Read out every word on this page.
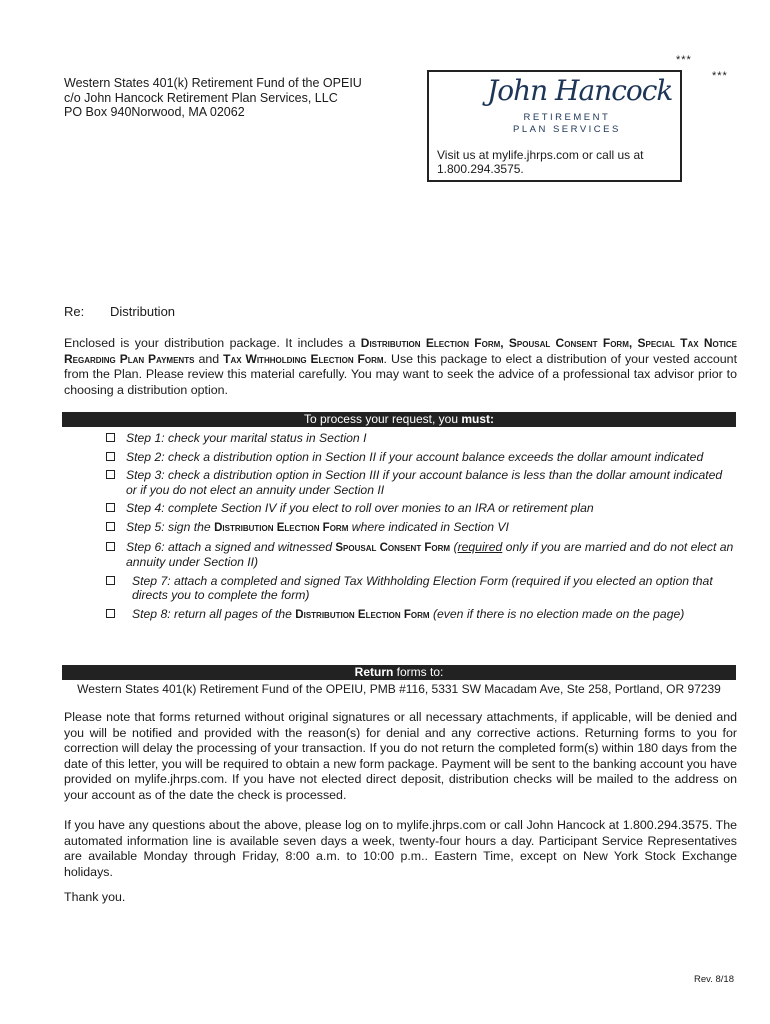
***
***
Western States 401(k) Retirement Fund of the OPEIU
c/o John Hancock Retirement Plan Services, LLC
PO Box 940Norwood, MA 02062
John Hancock
RETIREMENT
PLAN SERVICES
Visit us at mylife.jhrps.com or call us at 1.800.294.3575.
Re: Distribution
Enclosed is your distribution package. It includes a Distribution Election Form, Spousal Consent Form, Special Tax Notice Regarding Plan Payments and Tax Withholding Election Form. Use this package to elect a distribution of your vested account from the Plan. Please review this material carefully. You may want to seek the advice of a professional tax advisor prior to choosing a distribution option.
To process your request, you must:
Step 1: check your marital status in Section I
Step 2: check a distribution option in Section II if your account balance exceeds the dollar amount indicated
Step 3: check a distribution option in Section III if your account balance is less than the dollar amount indicated or if you do not elect an annuity under Section II
Step 4: complete Section IV if you elect to roll over monies to an IRA or retirement plan
Step 5: sign the Distribution Election Form where indicated in Section VI
Step 6: attach a signed and witnessed Spousal Consent Form (required only if you are married and do not elect an annuity under Section II)
Step 7: attach a completed and signed Tax Withholding Election Form (required if you elected an option that directs you to complete the form)
Step 8: return all pages of the Distribution Election Form (even if there is no election made on the page)
Return forms to:
Western States 401(k) Retirement Fund of the OPEIU, PMB #116, 5331 SW Macadam Ave, Ste 258, Portland, OR 97239
Please note that forms returned without original signatures or all necessary attachments, if applicable, will be denied and you will be notified and provided with the reason(s) for denial and any corrective actions. Returning forms to you for correction will delay the processing of your transaction. If you do not return the completed form(s) within 180 days from the date of this letter, you will be required to obtain a new form package. Payment will be sent to the banking account you have provided on mylife.jhrps.com. If you have not elected direct deposit, distribution checks will be mailed to the address on your account as of the date the check is processed.
If you have any questions about the above, please log on to mylife.jhrps.com or call John Hancock at 1.800.294.3575. The automated information line is available seven days a week, twenty-four hours a day. Participant Service Representatives are available Monday through Friday, 8:00 a.m. to 10:00 p.m.. Eastern Time, except on New York Stock Exchange holidays.
Thank you.
Rev. 8/18
